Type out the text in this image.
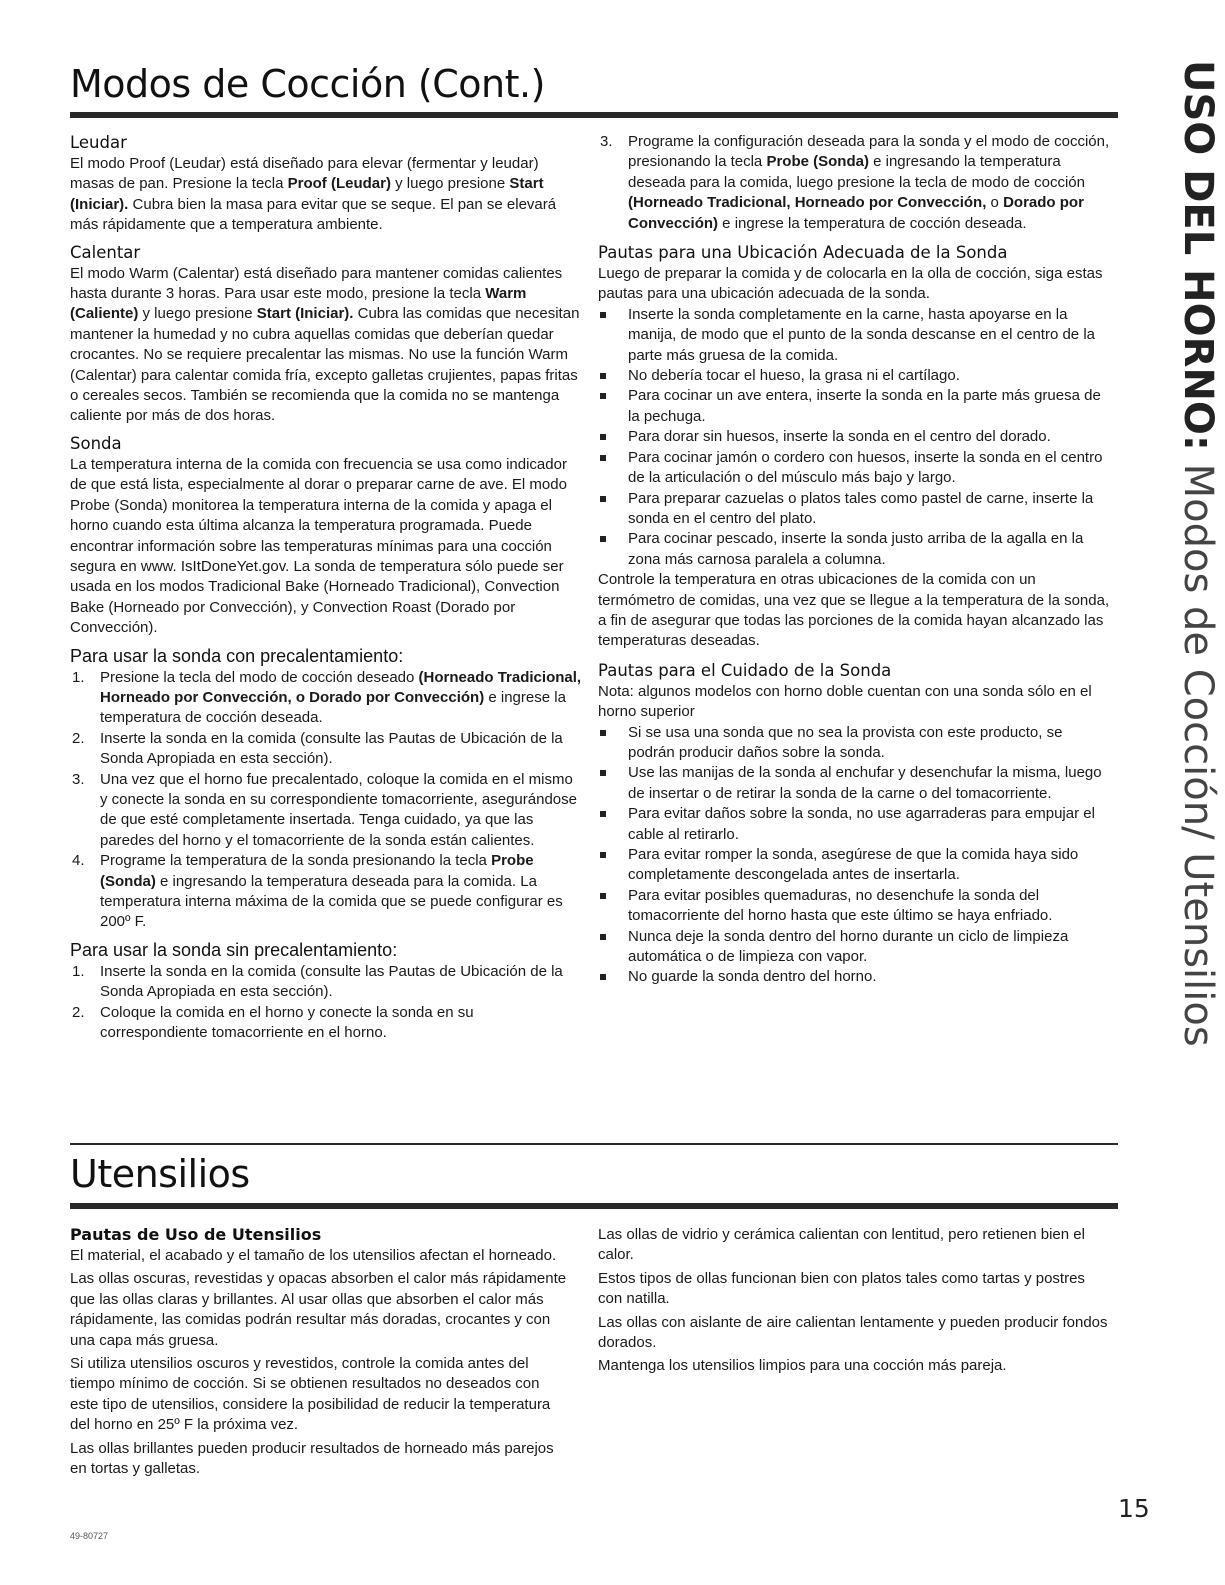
Modos de Cocción (Cont.)	USO DEL HORNO: Modos de Cocción/ Utensilios
Leudar

El modo Proof (Leudar) está diseñado para elevar (fermentar y leudar) masas de pan. Presione la tecla Proof (Leudar) y luego presione Start (Iniciar). Cubra bien la masa para evitar que se seque. El pan se elevará más rápidamente que a temperatura ambiente.

Calentar

El modo Warm (Calentar) está diseñado para mantener comidas calientes hasta durante 3 horas. Para usar este modo, presione la tecla Warm (Caliente) y luego presione Start (Iniciar). Cubra las comidas que necesitan mantener la humedad y no cubra aquellas comidas que deberían quedar crocantes. No se requiere precalentar las mismas. No use la función Warm (Calentar) para calentar comida fría, excepto galletas crujientes, papas fritas o cereales secos. También se recomienda que la comida no se mantenga caliente por más de dos horas.

Sonda

La temperatura interna de la comida con frecuencia se usa como indicador de que está lista, especialmente al dorar o preparar carne de ave. El modo Probe (Sonda) monitorea la temperatura interna de la comida y apaga el horno cuando esta última alcanza la temperatura programada. Puede encontrar información sobre las temperaturas mínimas para una cocción segura en www. IsItDoneYet.gov. La sonda de temperatura sólo puede ser usada en los modos Tradicional Bake (Horneado Tradicional), Convection Bake (Horneado por Convección), y Convection Roast (Dorado por Convección).

Para usar la sonda con precalentamiento:
1. Presione la tecla del modo de cocción deseado (Horneado Tradicional, Horneado por Convección, o Dorado por Convección) e ingrese la temperatura de cocción deseada.
2. Inserte la sonda en la comida (consulte las Pautas de Ubicación de la Sonda Apropiada en esta sección).
3. Una vez que el horno fue precalentado, coloque la comida en el mismo y conecte la sonda en su correspondiente tomacorriente, asegurándose de que esté completamente insertada. Tenga cuidado, ya que las paredes del horno y el tomacorriente de la sonda están calientes.
4. Programe la temperatura de la sonda presionando la tecla Probe (Sonda) e ingresando la temperatura deseada para la comida. La temperatura interna máxima de la comida que se puede configurar es 200º F.
Para usar la sonda sin precalentamiento:
1. Inserte la sonda en la comida (consulte las Pautas de Ubicación de la Sonda Apropiada en esta sección).
2. Coloque la comida en el horno y conecte la sonda en su correspondiente tomacorriente en el horno.
3. Programe la configuración deseada para la sonda y el modo de cocción, presionando la tecla Probe (Sonda) e ingresando la temperatura deseada para la comida, luego presione la tecla de modo de cocción (Horneado Tradicional, Horneado por Convección, o Dorado por Convección) e ingrese la temperatura de cocción deseada.
Pautas para una Ubicación Adecuada de la Sonda

Luego de preparar la comida y de colocarla en la olla de cocción, siga estas pautas para una ubicación adecuada de la sonda.

Inserte la sonda completamente en la carne, hasta apoyarse en la manija, de modo que el punto de la sonda descanse en el centro de la parte más gruesa de la comida.
No debería tocar el hueso, la grasa ni el cartílago.
Para cocinar un ave entera, inserte la sonda en la parte más gruesa de la pechuga.
Para dorar sin huesos, inserte la sonda en el centro del dorado.
Para cocinar jamón o cordero con huesos, inserte la sonda en el centro de la articulación o del músculo más bajo y largo.
Para preparar cazuelas o platos tales como pastel de carne, inserte la sonda en el centro del plato.
Para cocinar pescado, inserte la sonda justo arriba de la agalla en la zona más carnosa paralela a columna.

Controle la temperatura en otras ubicaciones de la comida con un termómetro de comidas, una vez que se llegue a la temperatura de la sonda, a fin de asegurar que todas las porciones de la comida hayan alcanzado las temperaturas deseadas.

Pautas para el Cuidado de la Sonda

Nota: algunos modelos con horno doble cuentan con una sonda sólo en el horno superior

Si se usa una sonda que no sea la provista con este producto, se podrán producir daños sobre la sonda.
Use las manijas de la sonda al enchufar y desenchufar la misma, luego de insertar o de retirar la sonda de la carne o del tomacorriente.
Para evitar daños sobre la sonda, no use agarraderas para empujar el cable al retirarlo.
Para evitar romper la sonda, asegúrese de que la comida haya sido completamente descongelada antes de insertarla.
Para evitar posibles quemaduras, no desenchufe la sonda del tomacorriente del horno hasta que este último se haya enfriado.
Nunca deje la sonda dentro del horno durante un ciclo de limpieza automática o de limpieza con vapor.
No guarde la sonda dentro del horno.
Utensilios
Pautas de Uso de Utensilios

El material, el acabado y el tamaño de los utensilios afectan el horneado.

Las ollas oscuras, revestidas y opacas absorben el calor más rápidamente que las ollas claras y brillantes. Al usar ollas que absorben el calor más rápidamente, las comidas podrán resultar más doradas, crocantes y con una capa más gruesa.

Si utiliza utensilios oscuros y revestidos, controle la comida antes del tiempo mínimo de cocción. Si se obtienen resultados no deseados con este tipo de utensilios, considere la posibilidad de reducir la temperatura del horno en 25º F la próxima vez.

Las ollas brillantes pueden producir resultados de horneado más parejos en tortas y galletas.

Las ollas de vidrio y cerámica calientan con lentitud, pero retienen bien el calor.

Estos tipos de ollas funcionan bien con platos tales como tartas y postres con natilla.

Las ollas con aislante de aire calientan lentamente y pueden producir fondos dorados.

Mantenga los utensilios limpios para una cocción más pareja.

49-80727
15
